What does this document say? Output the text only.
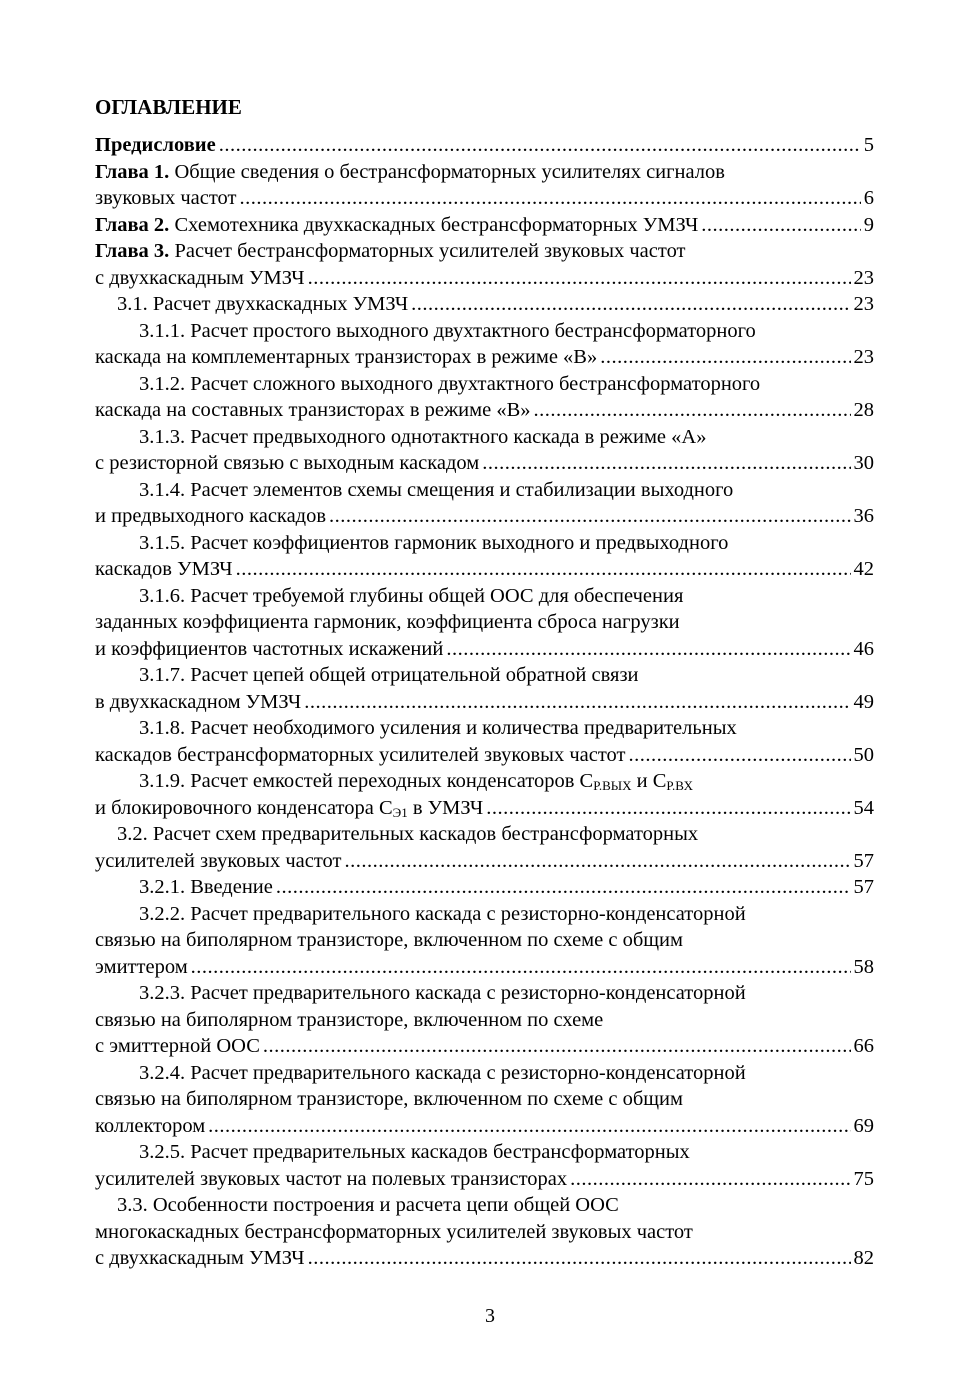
ОГЛАВЛЕНИЕ
Предисловие .....	5
Глава 1. Общие сведения о бестрансформаторных усилителях сигналов
звуковых частот .....	6
Глава 2. Схемотехника двухкаскадных бестрансформаторных УМЗЧ .....	9
Глава 3. Расчет бестрансформаторных усилителей звуковых частот
с двухкаскадным УМЗЧ .....	23
3.1. Расчет двухкаскадных УМЗЧ .....	23
3.1.1. Расчет простого выходного двухтактного бестрансформаторного
каскада на комплементарных транзисторах в режиме «В» .....	23
3.1.2. Расчет сложного выходного двухтактного бестрансформаторного
каскада на составных транзисторах в режиме «В» .....	28
3.1.3. Расчет предвыходного однотактного каскада в режиме «А»
с резисторной связью с выходным каскадом .....	30
3.1.4. Расчет элементов схемы смещения и стабилизации выходного
и предвыходного каскадов .....	36
3.1.5. Расчет коэффициентов гармоник выходного и предвыходного
каскадов УМЗЧ .....	42
3.1.6. Расчет требуемой глубины общей ООС для обеспечения
заданных коэффициента гармоник, коэффициента сброса нагрузки
и коэффициентов частотных искажений .....	46
3.1.7. Расчет цепей общей отрицательной обратной связи
в двухкаскадном УМЗЧ .....	49
3.1.8. Расчет необходимого усиления и количества предварительных
каскадов бестрансформаторных усилителей звуковых частот .....	50
3.1.9. Расчет емкостей переходных конденсаторов $C_{Р.ВЫХ}$ и $C_{Р.ВХ}$
и блокировочного конденсатора $C_{Э1}$ в УМЗЧ .....	54
3.2. Расчет схем предварительных каскадов бестрансформаторных
усилителей звуковых частот .....	57
3.2.1. Введение .....	57
3.2.2. Расчет предварительного каскада с резисторно-конденсаторной
связью на биполярном транзисторе, включенном по схеме с общим
эмиттером .....	58
3.2.3. Расчет предварительного каскада с резисторно-конденсаторной
связью на биполярном транзисторе, включенном по схеме
с эмиттерной ООС .....	66
3.2.4. Расчет предварительного каскада с резисторно-конденсаторной
связью на биполярном транзисторе, включенном по схеме с общим
коллектором .....	69
3.2.5. Расчет предварительных каскадов бестрансформаторных
усилителей звуковых частот на полевых транзисторах .....	75
3.3. Особенности построения и расчета цепи общей ООС
многокаскадных бестрансформаторных усилителей звуковых частот
с двухкаскадным УМЗЧ .....	82
3
